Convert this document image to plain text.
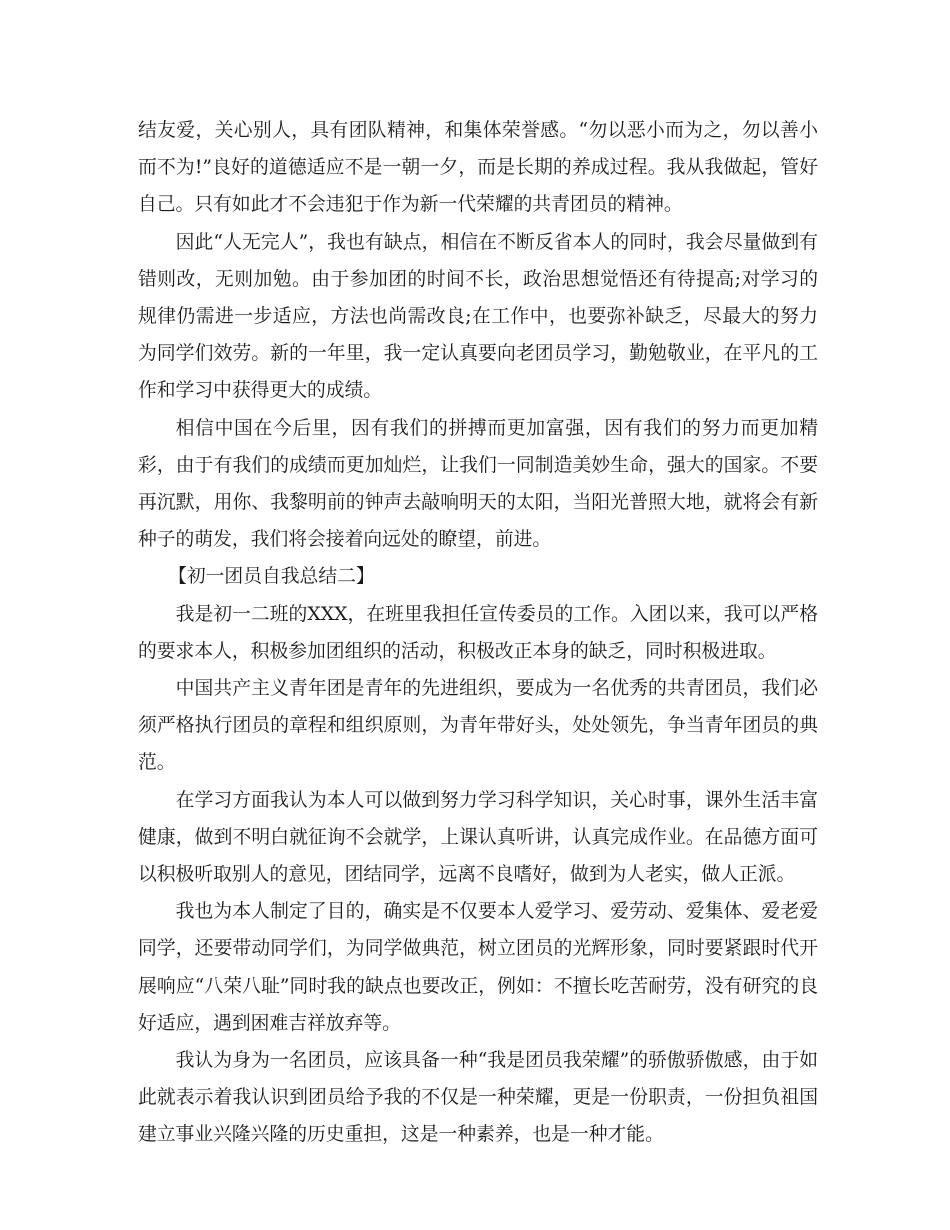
结友爱，关心别人，具有团队精神，和集体荣誉感。“勿以恶小而为之，勿以善小而不为!”良好的道德适应不是一朝一夕，而是长期的养成过程。我从我做起，管好自己。只有如此才不会违犯于作为新一代荣耀的共青团员的精神。

因此“人无完人”，我也有缺点，相信在不断反省本人的同时，我会尽量做到有错则改，无则加勉。由于参加团的时间不长，政治思想觉悟还有待提高;对学习的规律仍需进一步适应，方法也尚需改良;在工作中，也要弥补缺乏，尽最大的努力为同学们效劳。新的一年里，我一定认真要向老团员学习，勤勉敬业，在平凡的工作和学习中获得更大的成绩。

相信中国在今后里，因有我们的拼搏而更加富强，因有我们的努力而更加精彩，由于有我们的成绩而更加灿烂，让我们一同制造美妙生命，强大的国家。不要再沉默，用你、我黎明前的钟声去敲响明天的太阳，当阳光普照大地，就将会有新种子的萌发，我们将会接着向远处的瞭望，前进。

【初一团员自我总结二】

我是初一二班的XXX，在班里我担任宣传委员的工作。入团以来，我可以严格的要求本人，积极参加团组织的活动，积极改正本身的缺乏，同时积极进取。

中国共产主义青年团是青年的先进组织，要成为一名优秀的共青团员，我们必须严格执行团员的章程和组织原则，为青年带好头，处处领先，争当青年团员的典范。

在学习方面我认为本人可以做到努力学习科学知识，关心时事，课外生活丰富健康，做到不明白就征询不会就学，上课认真听讲，认真完成作业。在品德方面可以积极听取别人的意见，团结同学，远离不良嗜好，做到为人老实，做人正派。

我也为本人制定了目的，确实是不仅要本人爱学习、爱劳动、爱集体、爱老爱同学，还要带动同学们，为同学做典范，树立团员的光辉形象，同时要紧跟时代开展响应“八荣八耻”同时我的缺点也要改正，例如：不擅长吃苦耐劳，没有研究的良好适应，遇到困难吉祥放弃等。

我认为身为一名团员，应该具备一种“我是团员我荣耀”的骄傲骄傲感，由于如此就表示着我认识到团员给予我的不仅是一种荣耀，更是一份职责，一份担负祖国建立事业兴隆兴隆的历史重担，这是一种素养，也是一种才能。
